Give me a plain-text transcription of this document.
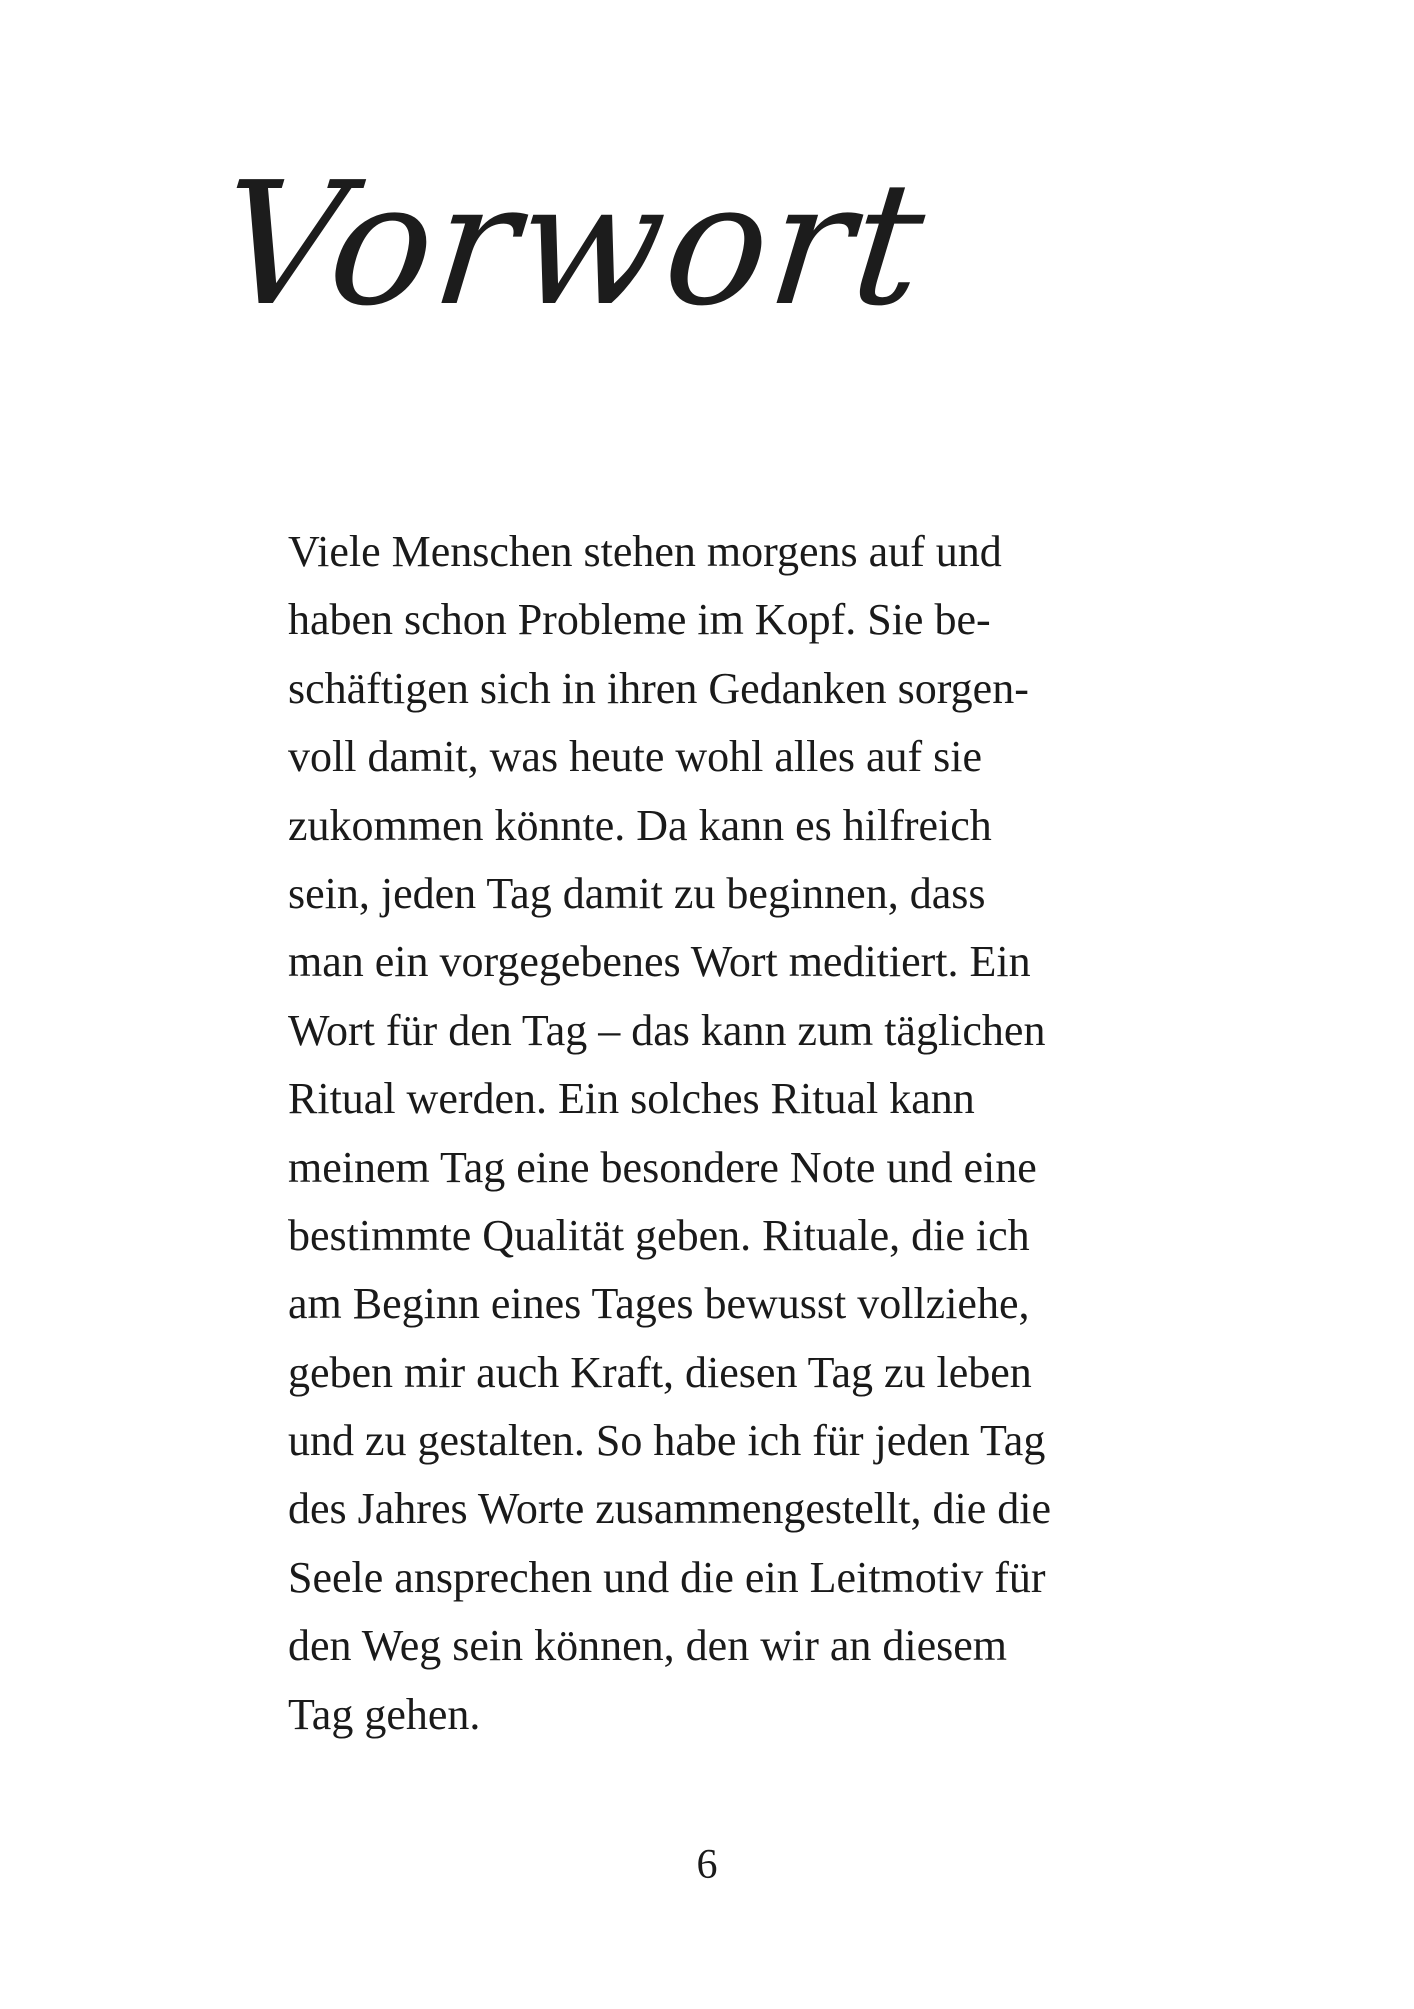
Vorwort
Viele Menschen stehen morgens auf und
haben schon Probleme im Kopf. Sie be-
schäftigen sich in ihren Gedanken sorgen-
voll damit, was heute wohl alles auf sie
zukommen könnte. Da kann es hilfreich
sein, jeden Tag damit zu beginnen, dass
man ein vorgegebenes Wort meditiert. Ein
Wort für den Tag – das kann zum täglichen
Ritual werden. Ein solches Ritual kann
meinem Tag eine besondere Note und eine
bestimmte Qualität geben. Rituale, die ich
am Beginn eines Tages bewusst vollziehe,
geben mir auch Kraft, diesen Tag zu leben
und zu gestalten. So habe ich für jeden Tag
des Jahres Worte zusammengestellt, die die
Seele ansprechen und die ein Leitmotiv für
den Weg sein können, den wir an diesem
Tag gehen.
6
